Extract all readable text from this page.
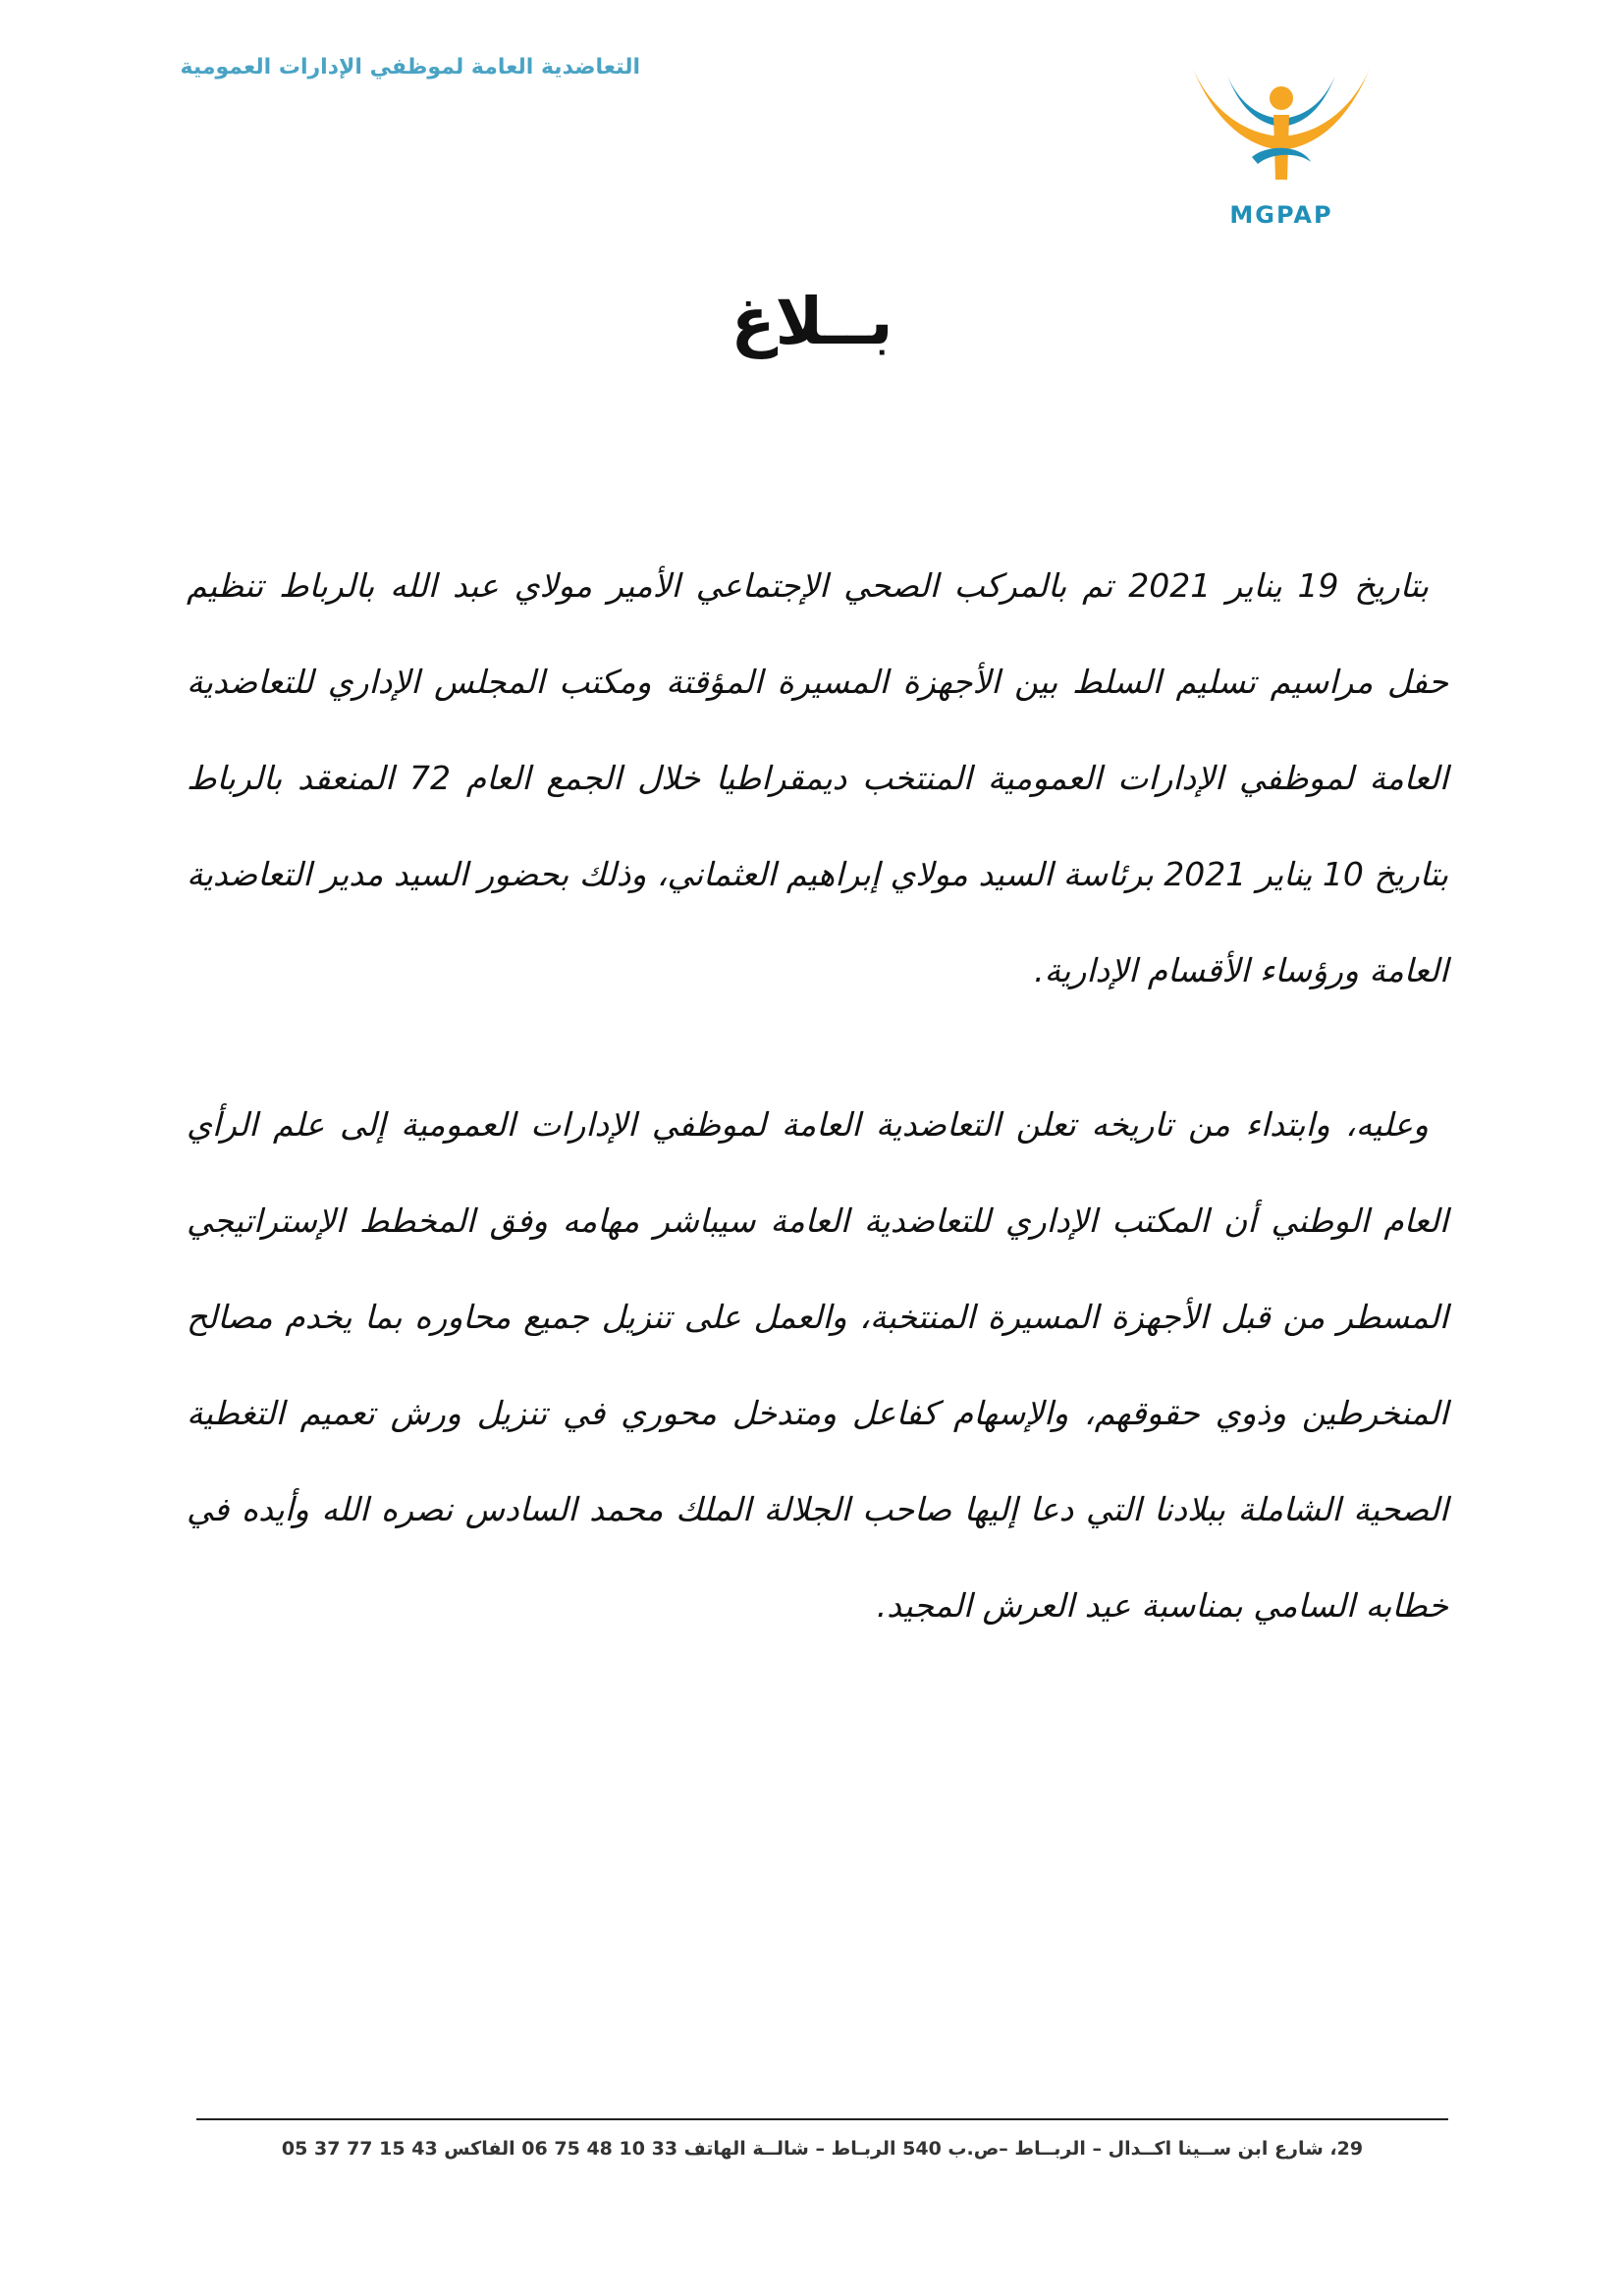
التعاضدية العامة لموظفي الإدارات العمومية
MGPAP
بــلاغ

بتاريخ 19 يناير 2021 تم بالمركب الصحي الإجتماعي الأمير مولاي عبد الله بالرباط تنظيم حفل مراسيم تسليم السلط بين الأجهزة المسيرة المؤقتة ومكتب المجلس الإداري للتعاضدية العامة لموظفي الإدارات العمومية المنتخب ديمقراطيا خلال الجمع العام 72 المنعقد بالرباط بتاريخ 10 يناير 2021 برئاسة السيد مولاي إبراهيم العثماني، وذلك بحضور السيد مدير التعاضدية العامة ورؤساء الأقسام الإدارية.

وعليه، وابتداء من تاريخه تعلن التعاضدية العامة لموظفي الإدارات العمومية إلى علم الرأي العام الوطني أن المكتب الإداري للتعاضدية العامة سيباشر مهامه وفق المخطط الإستراتيجي المسطر من قبل الأجهزة المسيرة المنتخبة، والعمل على تنزيل جميع محاوره بما يخدم مصالح المنخرطين وذوي حقوقهم، والإسهام كفاعل ومتدخل محوري في تنزيل ورش تعميم التغطية الصحية الشاملة ببلادنا التي دعا إليها صاحب الجلالة الملك محمد السادس نصره الله وأيده في خطابه السامي بمناسبة عيد العرش المجيد.

29، شارع ابن ســينا اكــدال – الربــاط –ص.ب 540 الربـاط – شالــة الهاتف 33 10 48 75 06 الفاكس 43 15 77 37 05
